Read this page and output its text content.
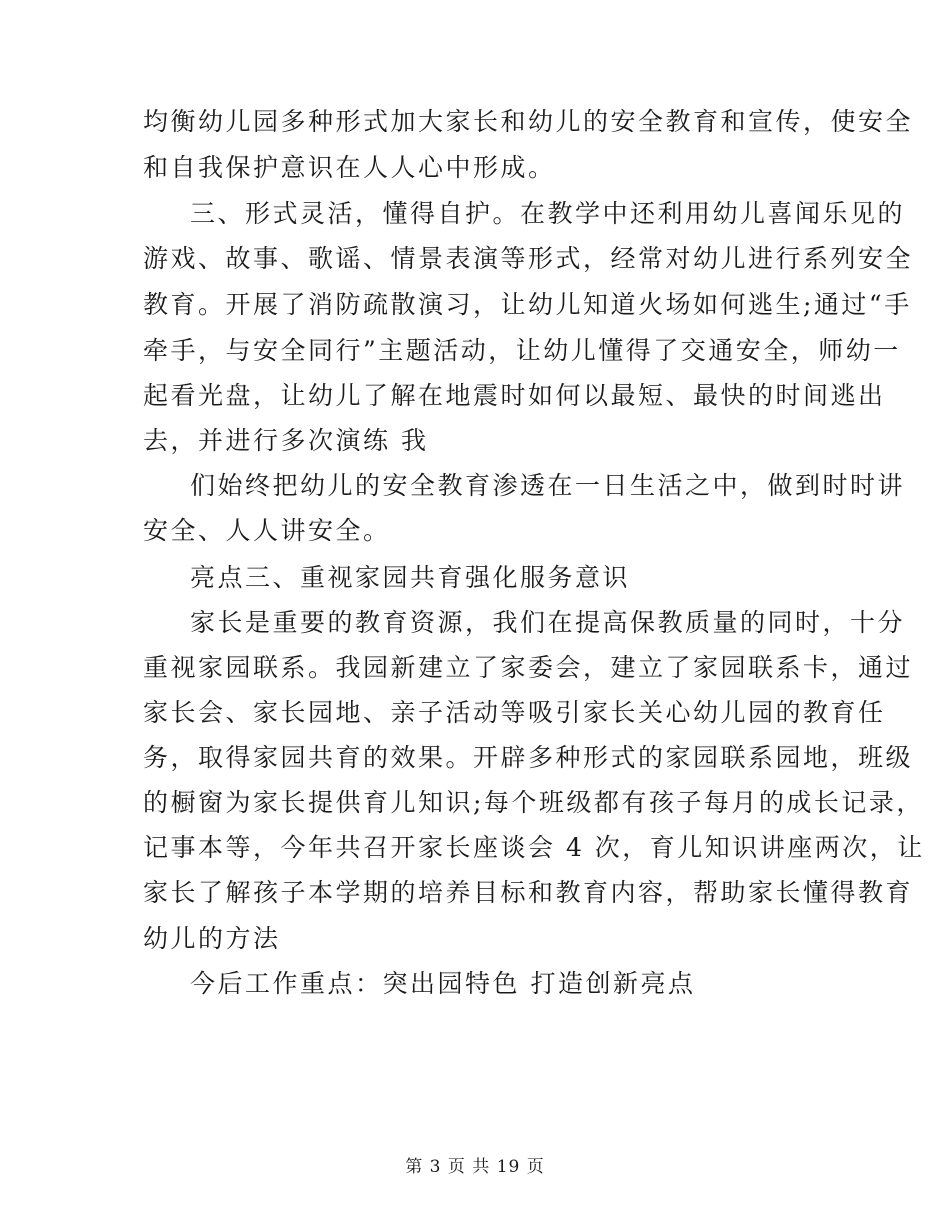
均衡幼儿园多种形式加大家长和幼儿的安全教育和宣传，使安全
和自我保护意识在人人心中形成。
三、形式灵活，懂得自护。在教学中还利用幼儿喜闻乐见的
游戏、故事、歌谣、情景表演等形式，经常对幼儿进行系列安全
教育。开展了消防疏散演习，让幼儿知道火场如何逃生;通过“手
牵手，与安全同行”主题活动，让幼儿懂得了交通安全，师幼一
起看光盘，让幼儿了解在地震时如何以最短、最快的时间逃出
去，并进行多次演练 我
们始终把幼儿的安全教育渗透在一日生活之中，做到时时讲
安全、人人讲安全。
亮点三、重视家园共育强化服务意识
家长是重要的教育资源，我们在提高保教质量的同时，十分
重视家园联系。我园新建立了家委会，建立了家园联系卡，通过
家长会、家长园地、亲子活动等吸引家长关心幼儿园的教育任
务，取得家园共育的效果。开辟多种形式的家园联系园地，班级
的橱窗为家长提供育儿知识;每个班级都有孩子每月的成长记录，
记事本等，今年共召开家长座谈会 4 次，育儿知识讲座两次，让
家长了解孩子本学期的培养目标和教育内容，帮助家长懂得教育
幼儿的方法
今后工作重点：突出园特色 打造创新亮点
第 3 页 共 19 页
